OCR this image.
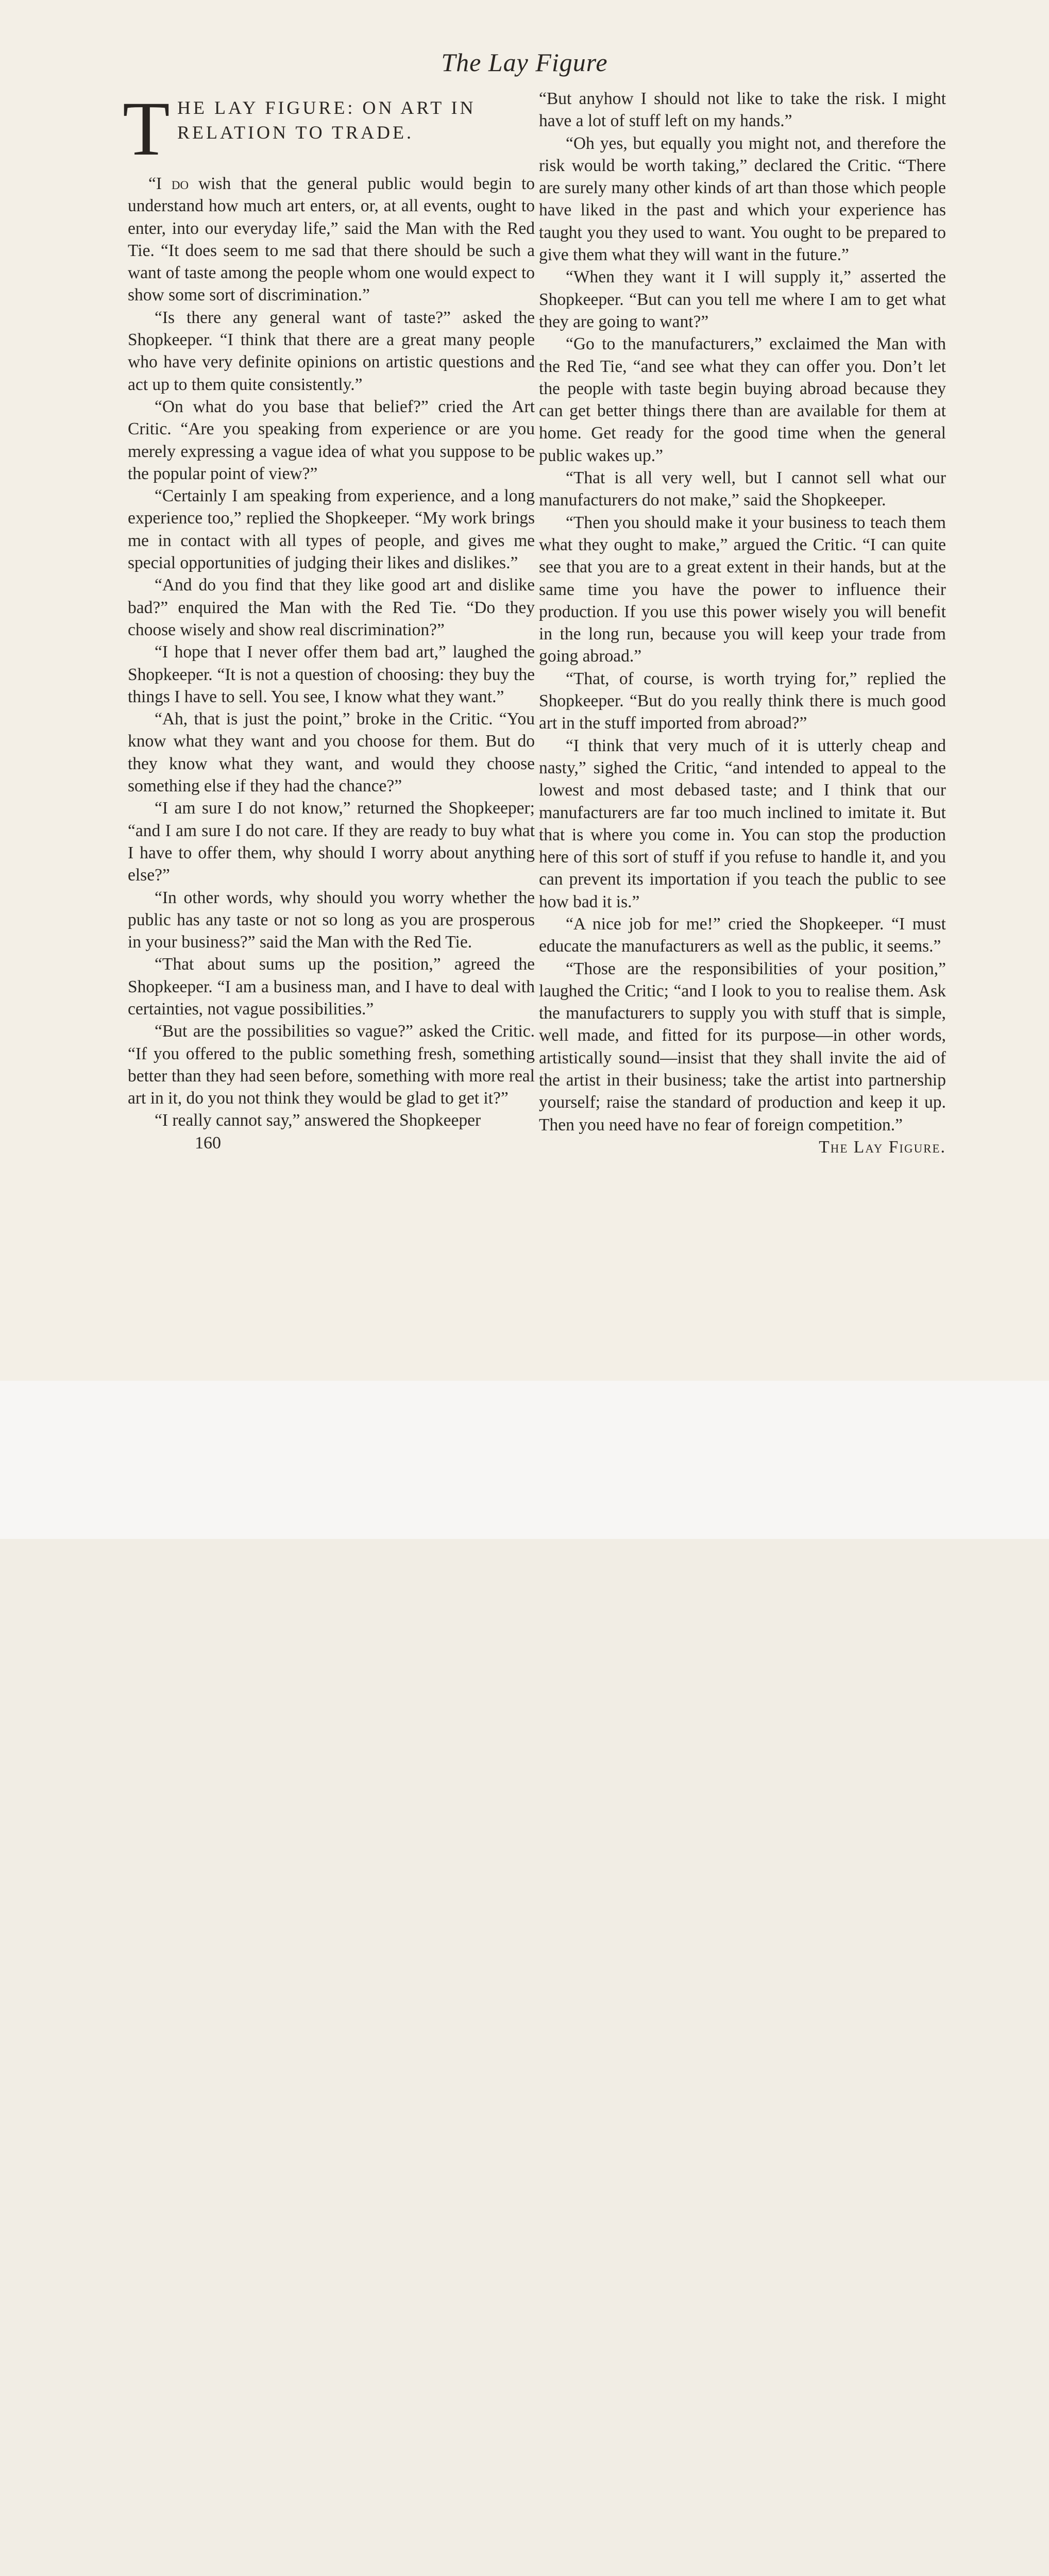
The Lay Figure
T HE LAY FIGURE: ON ART IN
RELATION TO TRADE.

“I do wish that the general public would begin to understand how much art enters, or, at all events, ought to enter, into our everyday life,” said the Man with the Red Tie. “It does seem to me sad that there should be such a want of taste among the people whom one would expect to show some sort of discrimination.”

“Is there any general want of taste?” asked the Shopkeeper. “I think that there are a great many people who have very definite opinions on artistic questions and act up to them quite consistently.”

“On what do you base that belief?” cried the Art Critic. “Are you speaking from experience or are you merely expressing a vague idea of what you suppose to be the popular point of view?”

“Certainly I am speaking from experience, and a long experience too,” replied the Shopkeeper. “My work brings me in contact with all types of people, and gives me special opportunities of judging their likes and dislikes.”

“And do you find that they like good art and dislike bad?” enquired the Man with the Red Tie. “Do they choose wisely and show real discrimination?”

“I hope that I never offer them bad art,” laughed the Shopkeeper. “It is not a question of choosing: they buy the things I have to sell. You see, I know what they want.”

“Ah, that is just the point,” broke in the Critic. “You know what they want and you choose for them. But do they know what they want, and would they choose something else if they had the chance?”

“I am sure I do not know,” returned the Shopkeeper; “and I am sure I do not care. If they are ready to buy what I have to offer them, why should I worry about anything else?”

“In other words, why should you worry whether the public has any taste or not so long as you are prosperous in your business?” said the Man with the Red Tie.

“That about sums up the position,” agreed the Shopkeeper. “I am a business man, and I have to deal with certainties, not vague possibilities.”

“But are the possibilities so vague?” asked the Critic. “If you offered to the public something fresh, something better than they had seen before, something with more real art in it, do you not think they would be glad to get it?”

“I really cannot say,” answered the Shopkeeper

160

“But anyhow I should not like to take the risk. I might have a lot of stuff left on my hands.”

“Oh yes, but equally you might not, and therefore the risk would be worth taking,” declared the Critic. “There are surely many other kinds of art than those which people have liked in the past and which your experience has taught you they used to want. You ought to be prepared to give them what they will want in the future.”

“When they want it I will supply it,” asserted the Shopkeeper. “But can you tell me where I am to get what they are going to want?”

“Go to the manufacturers,” exclaimed the Man with the Red Tie, “and see what they can offer you. Don’t let the people with taste begin buying abroad because they can get better things there than are available for them at home. Get ready for the good time when the general public wakes up.”

“That is all very well, but I cannot sell what our manufacturers do not make,” said the Shopkeeper.

“Then you should make it your business to teach them what they ought to make,” argued the Critic. “I can quite see that you are to a great extent in their hands, but at the same time you have the power to influence their production. If you use this power wisely you will benefit in the long run, because you will keep your trade from going abroad.”

“That, of course, is worth trying for,” replied the Shopkeeper. “But do you really think there is much good art in the stuff imported from abroad?”

“I think that very much of it is utterly cheap and nasty,” sighed the Critic, “and intended to appeal to the lowest and most debased taste; and I think that our manufacturers are far too much inclined to imitate it. But that is where you come in. You can stop the production here of this sort of stuff if you refuse to handle it, and you can prevent its importation if you teach the public to see how bad it is.”

“A nice job for me!” cried the Shopkeeper. “I must educate the manufacturers as well as the public, it seems.”

“Those are the responsibilities of your position,” laughed the Critic; “and I look to you to realise them. Ask the manufacturers to supply you with stuff that is simple, well made, and fitted for its purpose—in other words, artistically sound—insist that they shall invite the aid of the artist in their business; take the artist into partnership yourself; raise the standard of production and keep it up. Then you need have no fear of foreign competition.”

The Lay Figure.
